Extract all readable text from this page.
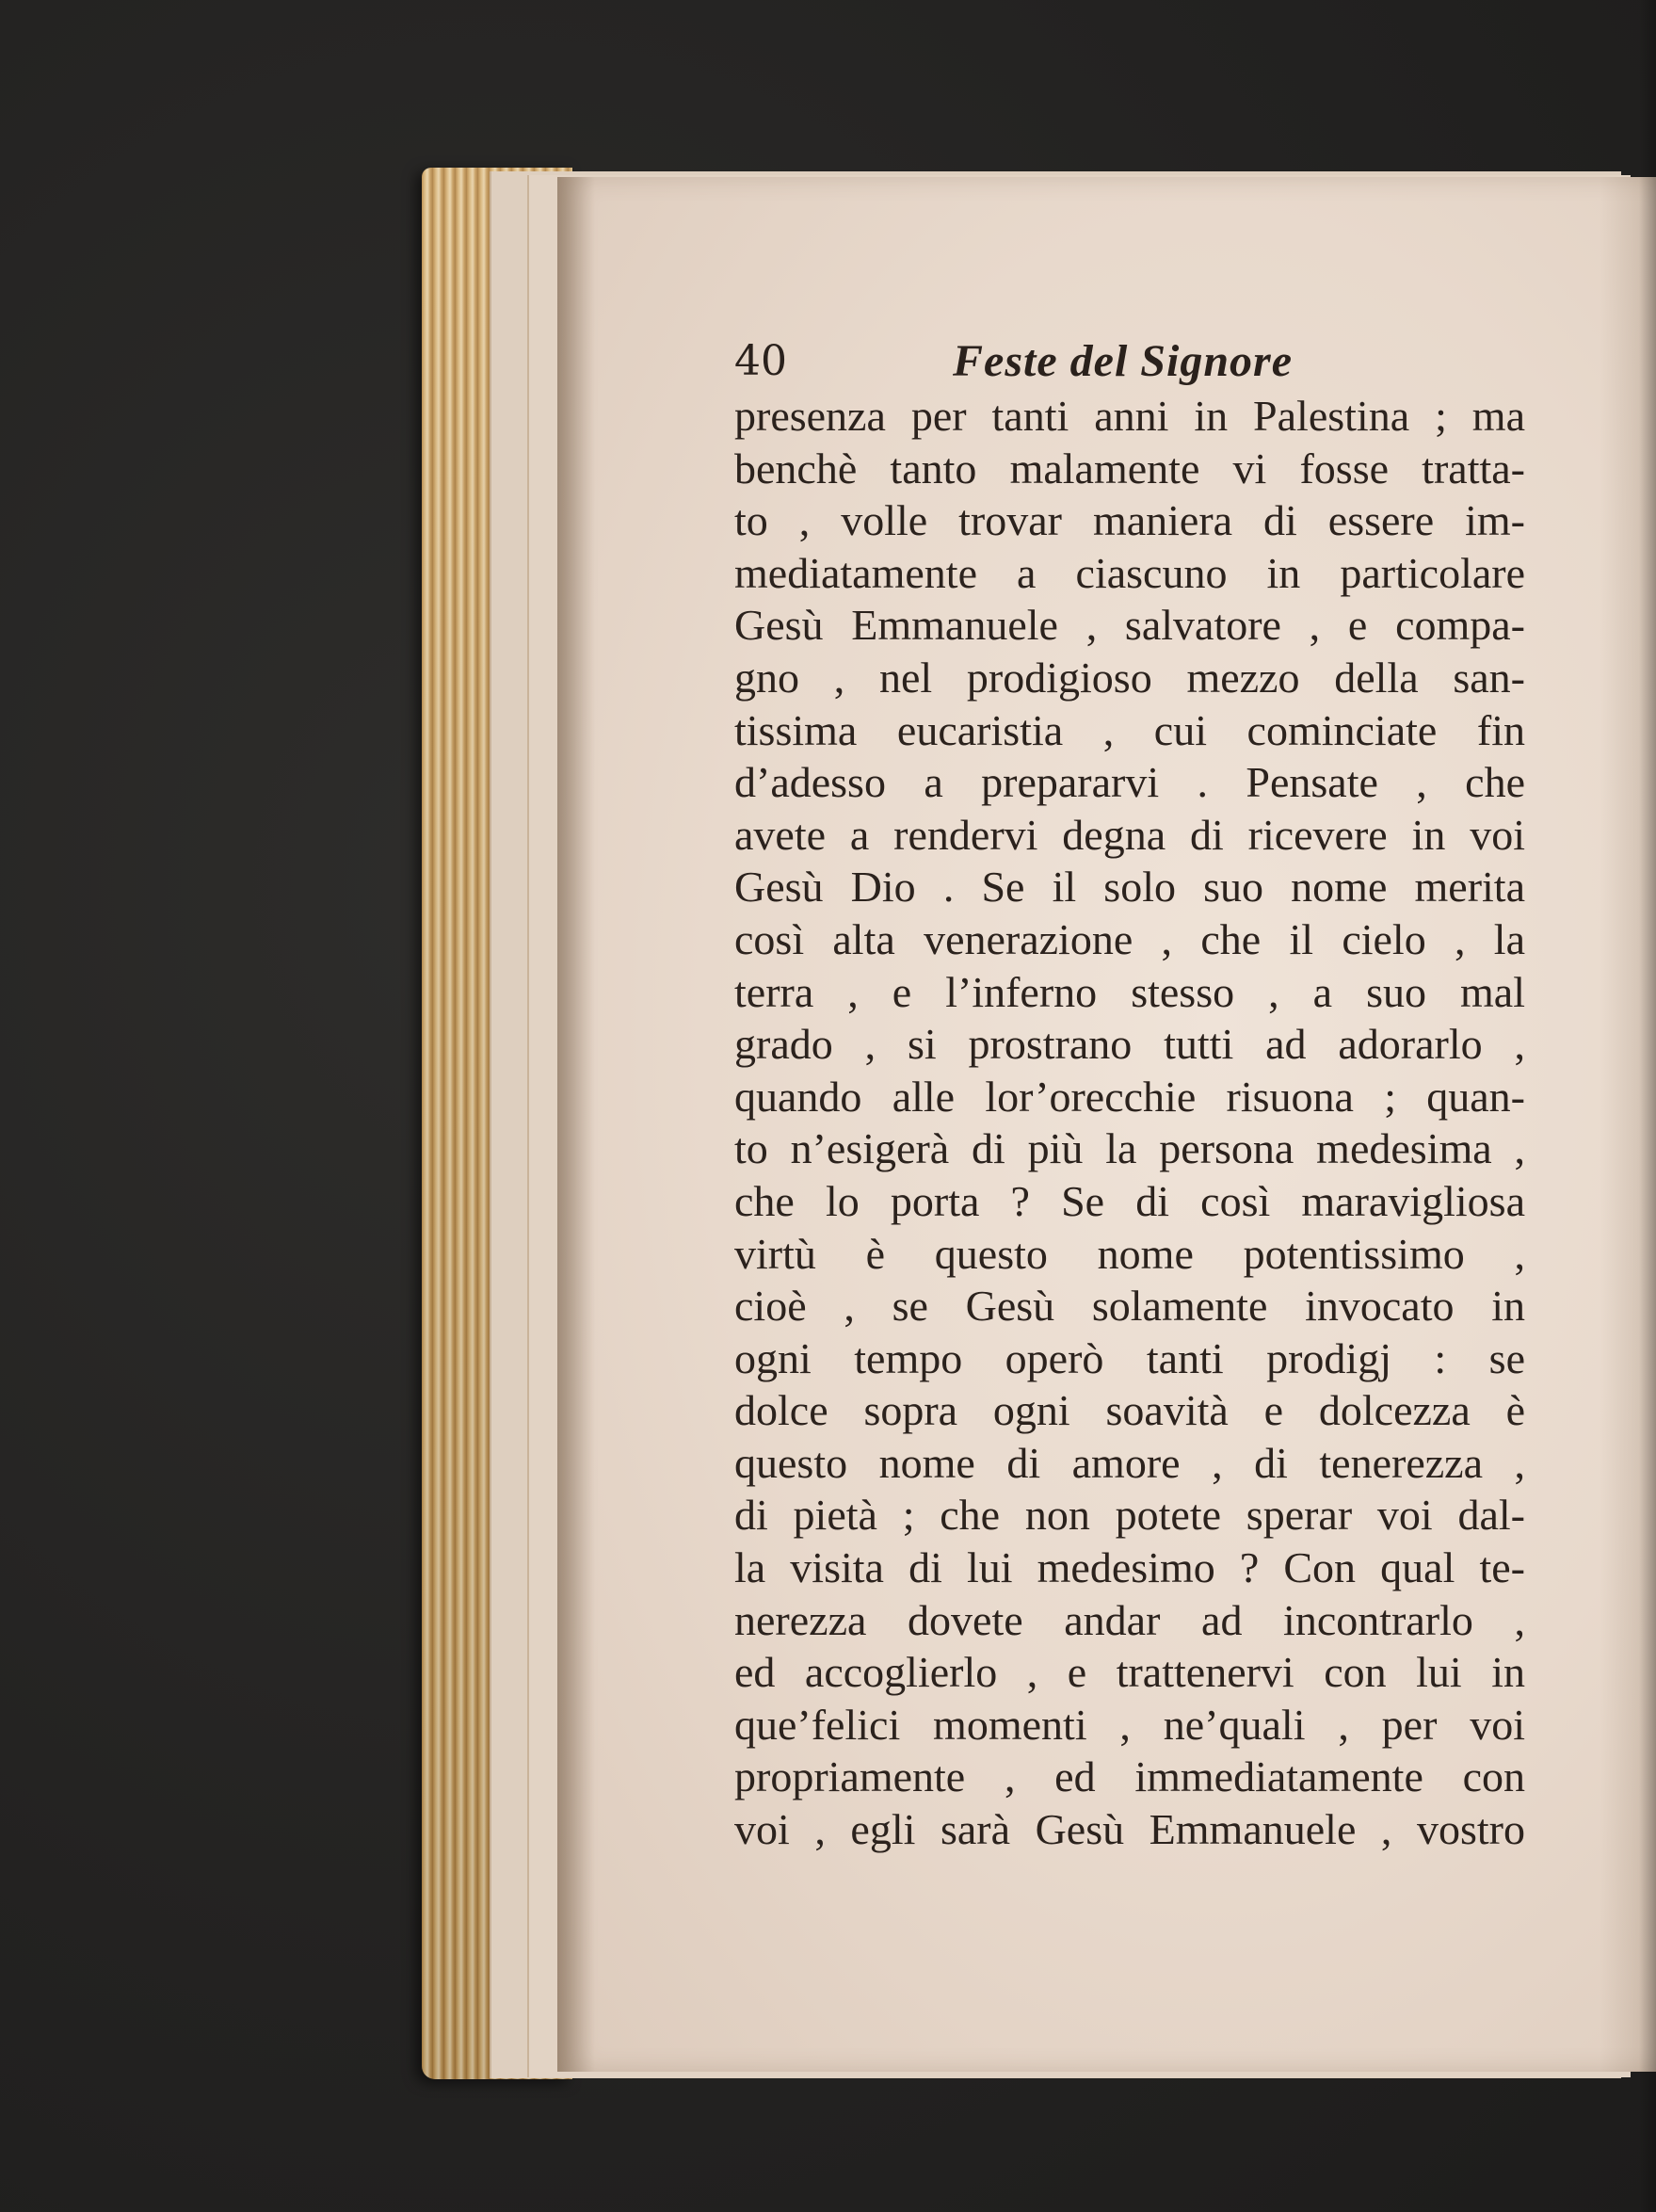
40	Feste del Signore
presenza per tanti anni in Palestina ; ma
benchè tanto malamente vi fosse tratta-
to , volle trovar maniera di essere im-
mediatamente a ciascuno in particolare
Gesù Emmanuele , salvatore , e compa-
gno , nel prodigioso mezzo della san-
tissima eucaristia , cui cominciate fin
d’adesso a prepararvi . Pensate , che
avete a rendervi degna di ricevere in voi
Gesù Dio . Se il solo suo nome merita
così alta venerazione , che il cielo , la
terra , e l’inferno stesso , a suo mal
grado , si prostrano tutti ad adorarlo ,
quando alle lor’orecchie risuona ; quan-
to n’esigerà di più la persona medesima ,
che lo porta ? Se di così maravigliosa
virtù è questo nome potentissimo ,
cioè , se Gesù solamente invocato in
ogni tempo operò tanti prodigj : se
dolce sopra ogni soavità e dolcezza è
questo nome di amore , di tenerezza ,
di pietà ; che non potete sperar voi dal-
la visita di lui medesimo ? Con qual te-
nerezza dovete andar ad incontrarlo ,
ed accoglierlo , e trattenervi con lui in
que’felici momenti , ne’quali , per voi
propriamente , ed immediatamente con
voi , egli sarà Gesù Emmanuele , vostro
